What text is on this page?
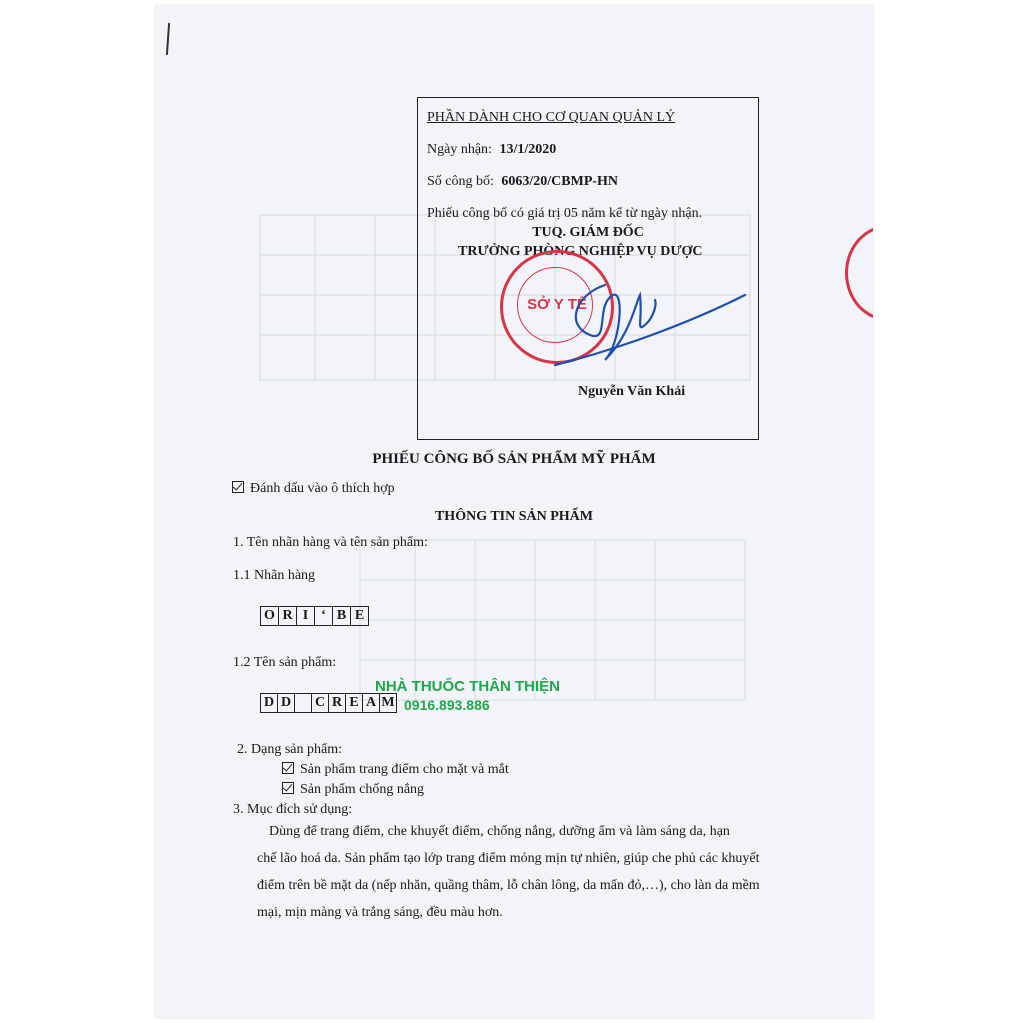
PHẦN DÀNH CHO CƠ QUAN QUẢN LÝ
Ngày nhận: 13/1/2020
Số công bố: 6063/20/CBMP-HN
Phiếu công bố có giá trị 05 năm kể từ ngày nhận.
TUQ. GIÁM ĐỐC
TRƯỞNG PHÒNG NGHIỆP VỤ DƯỢC
Nguyễn Văn Khải
SỞ Y TẾ
PHIẾU CÔNG BỐ SẢN PHẨM MỸ PHẨM
Đánh dấu vào ô thích hợp
THÔNG TIN SẢN PHẨM
1. Tên nhãn hàng và tên sản phẩm:
1.1 Nhãn hàng
O R I ‘ B E
1.2 Tên sản phẩm:
D D C R E A M
NHÀ THUỐC THÂN THIỆN
0916.893.886
2. Dạng sản phẩm:
Sản phẩm trang điểm cho mặt và mắt
Sản phẩm chống nắng
3. Mục đích sử dụng:
Dùng để trang điểm, che khuyết điểm, chống nắng, dưỡng ẩm và làm sáng da, hạn
chế lão hoá da. Sản phẩm tạo lớp trang điểm mỏng mịn tự nhiên, giúp che phủ các khuyết
điểm trên bề mặt da (nếp nhăn, quầng thâm, lỗ chân lông, da mẩn đỏ,…), cho làn da mềm
mại, mịn màng và trắng sáng, đều màu hơn.
